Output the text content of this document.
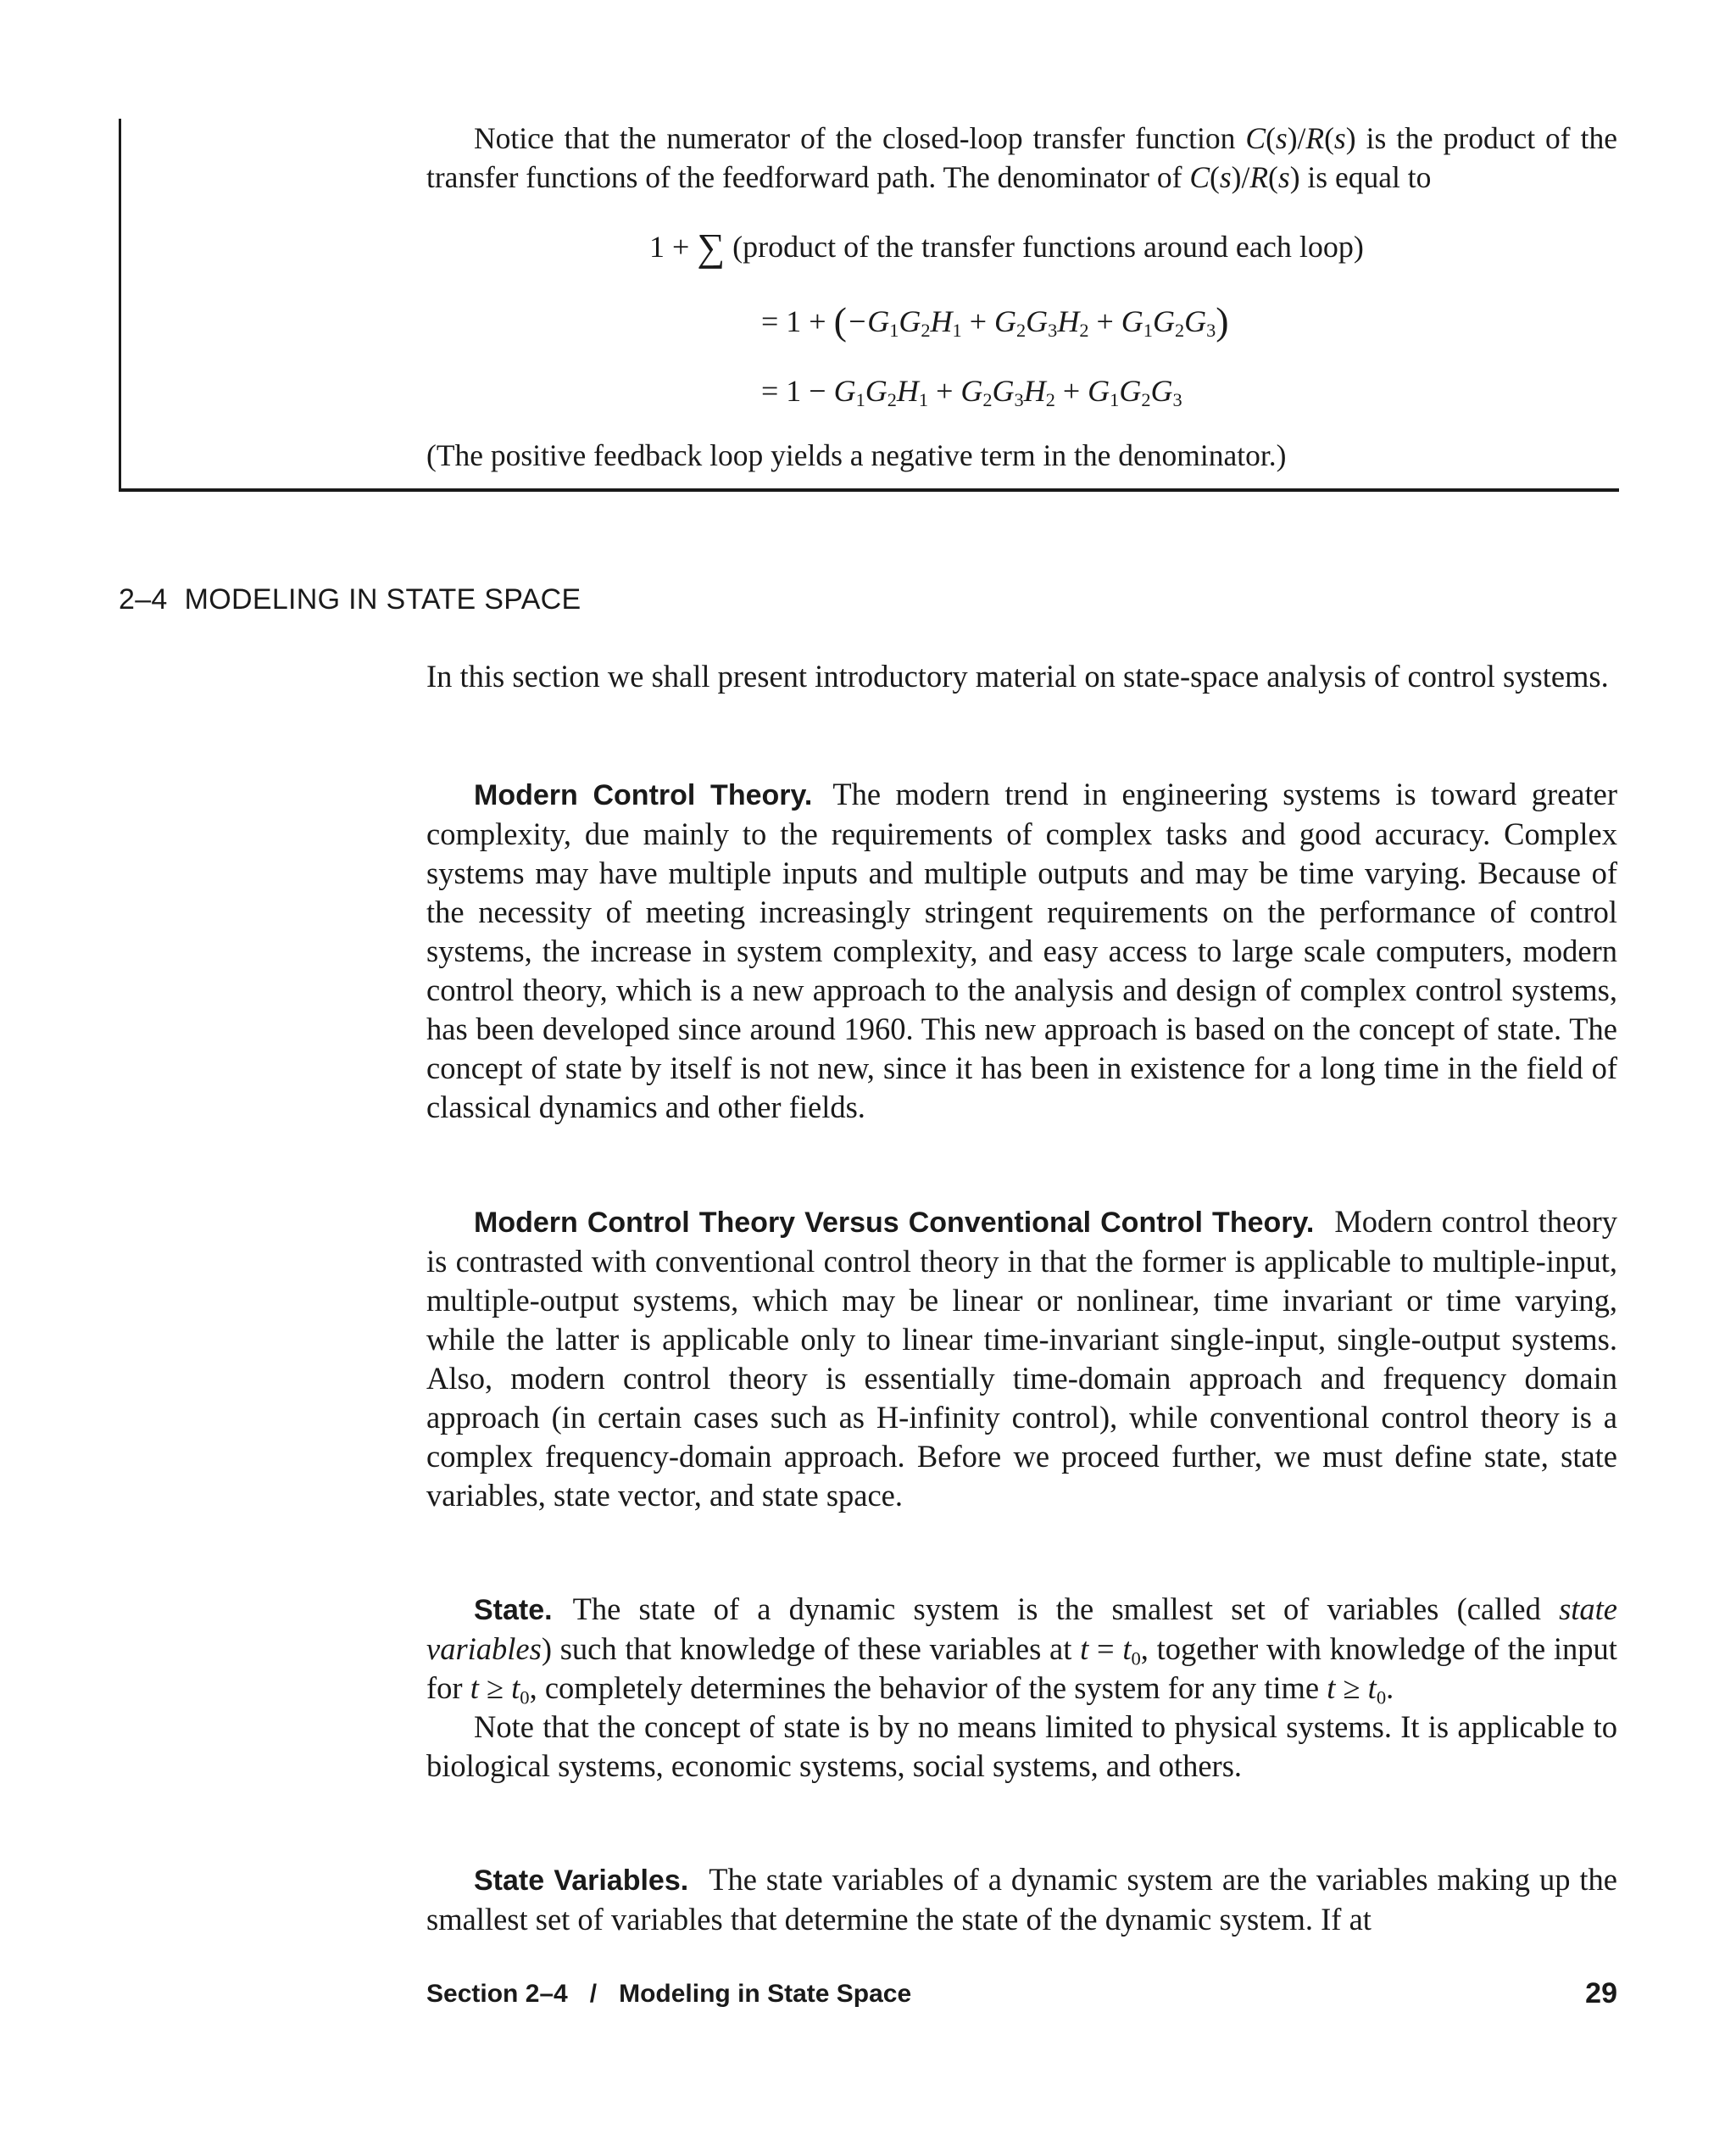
Notice that the numerator of the closed-loop transfer function C(s)/R(s) is the product of the transfer functions of the feedforward path. The denominator of C(s)/R(s) is equal to

1 + ∑ (product of the transfer functions around each loop)
= $1 + (-G_1G_2H_1 + G_2G_3H_2 + G_1G_2G_3)$
= $1 - G_1G_2H_1 + G_2G_3H_2 + G_1G_2G_3$
(The positive feedback loop yields a negative term in the denominator.)
2–4 MODELING IN STATE SPACE

In this section we shall present introductory material on state-space analysis of control systems.

Modern Control Theory. The modern trend in engineering systems is toward greater complexity, due mainly to the requirements of complex tasks and good accuracy. Complex systems may have multiple inputs and multiple outputs and may be time varying. Because of the necessity of meeting increasingly stringent requirements on the performance of control systems, the increase in system complexity, and easy access to large scale computers, modern control theory, which is a new approach to the analysis and design of complex control systems, has been developed since around 1960. This new approach is based on the concept of state. The concept of state by itself is not new, since it has been in existence for a long time in the field of classical dynamics and other fields.

Modern Control Theory Versus Conventional Control Theory. Modern control theory is contrasted with conventional control theory in that the former is applicable to multiple-input, multiple-output systems, which may be linear or nonlinear, time invariant or time varying, while the latter is applicable only to linear time-invariant single-input, single-output systems. Also, modern control theory is essentially time-domain approach and frequency domain approach (in certain cases such as H-infinity control), while conventional control theory is a complex frequency-domain approach. Before we proceed further, we must define state, state variables, state vector, and state space.

State. The state of a dynamic system is the smallest set of variables (called state variables) such that knowledge of these variables at $t = t_0$, together with knowledge of the input for $t \ge t_0$, completely determines the behavior of the system for any time $t \ge t_0$.

Note that the concept of state is by no means limited to physical systems. It is applicable to biological systems, economic systems, social systems, and others.

State Variables. The state variables of a dynamic system are the variables making up the smallest set of variables that determine the state of the dynamic system. If at

Section 2–4 / Modeling in State Space	29
